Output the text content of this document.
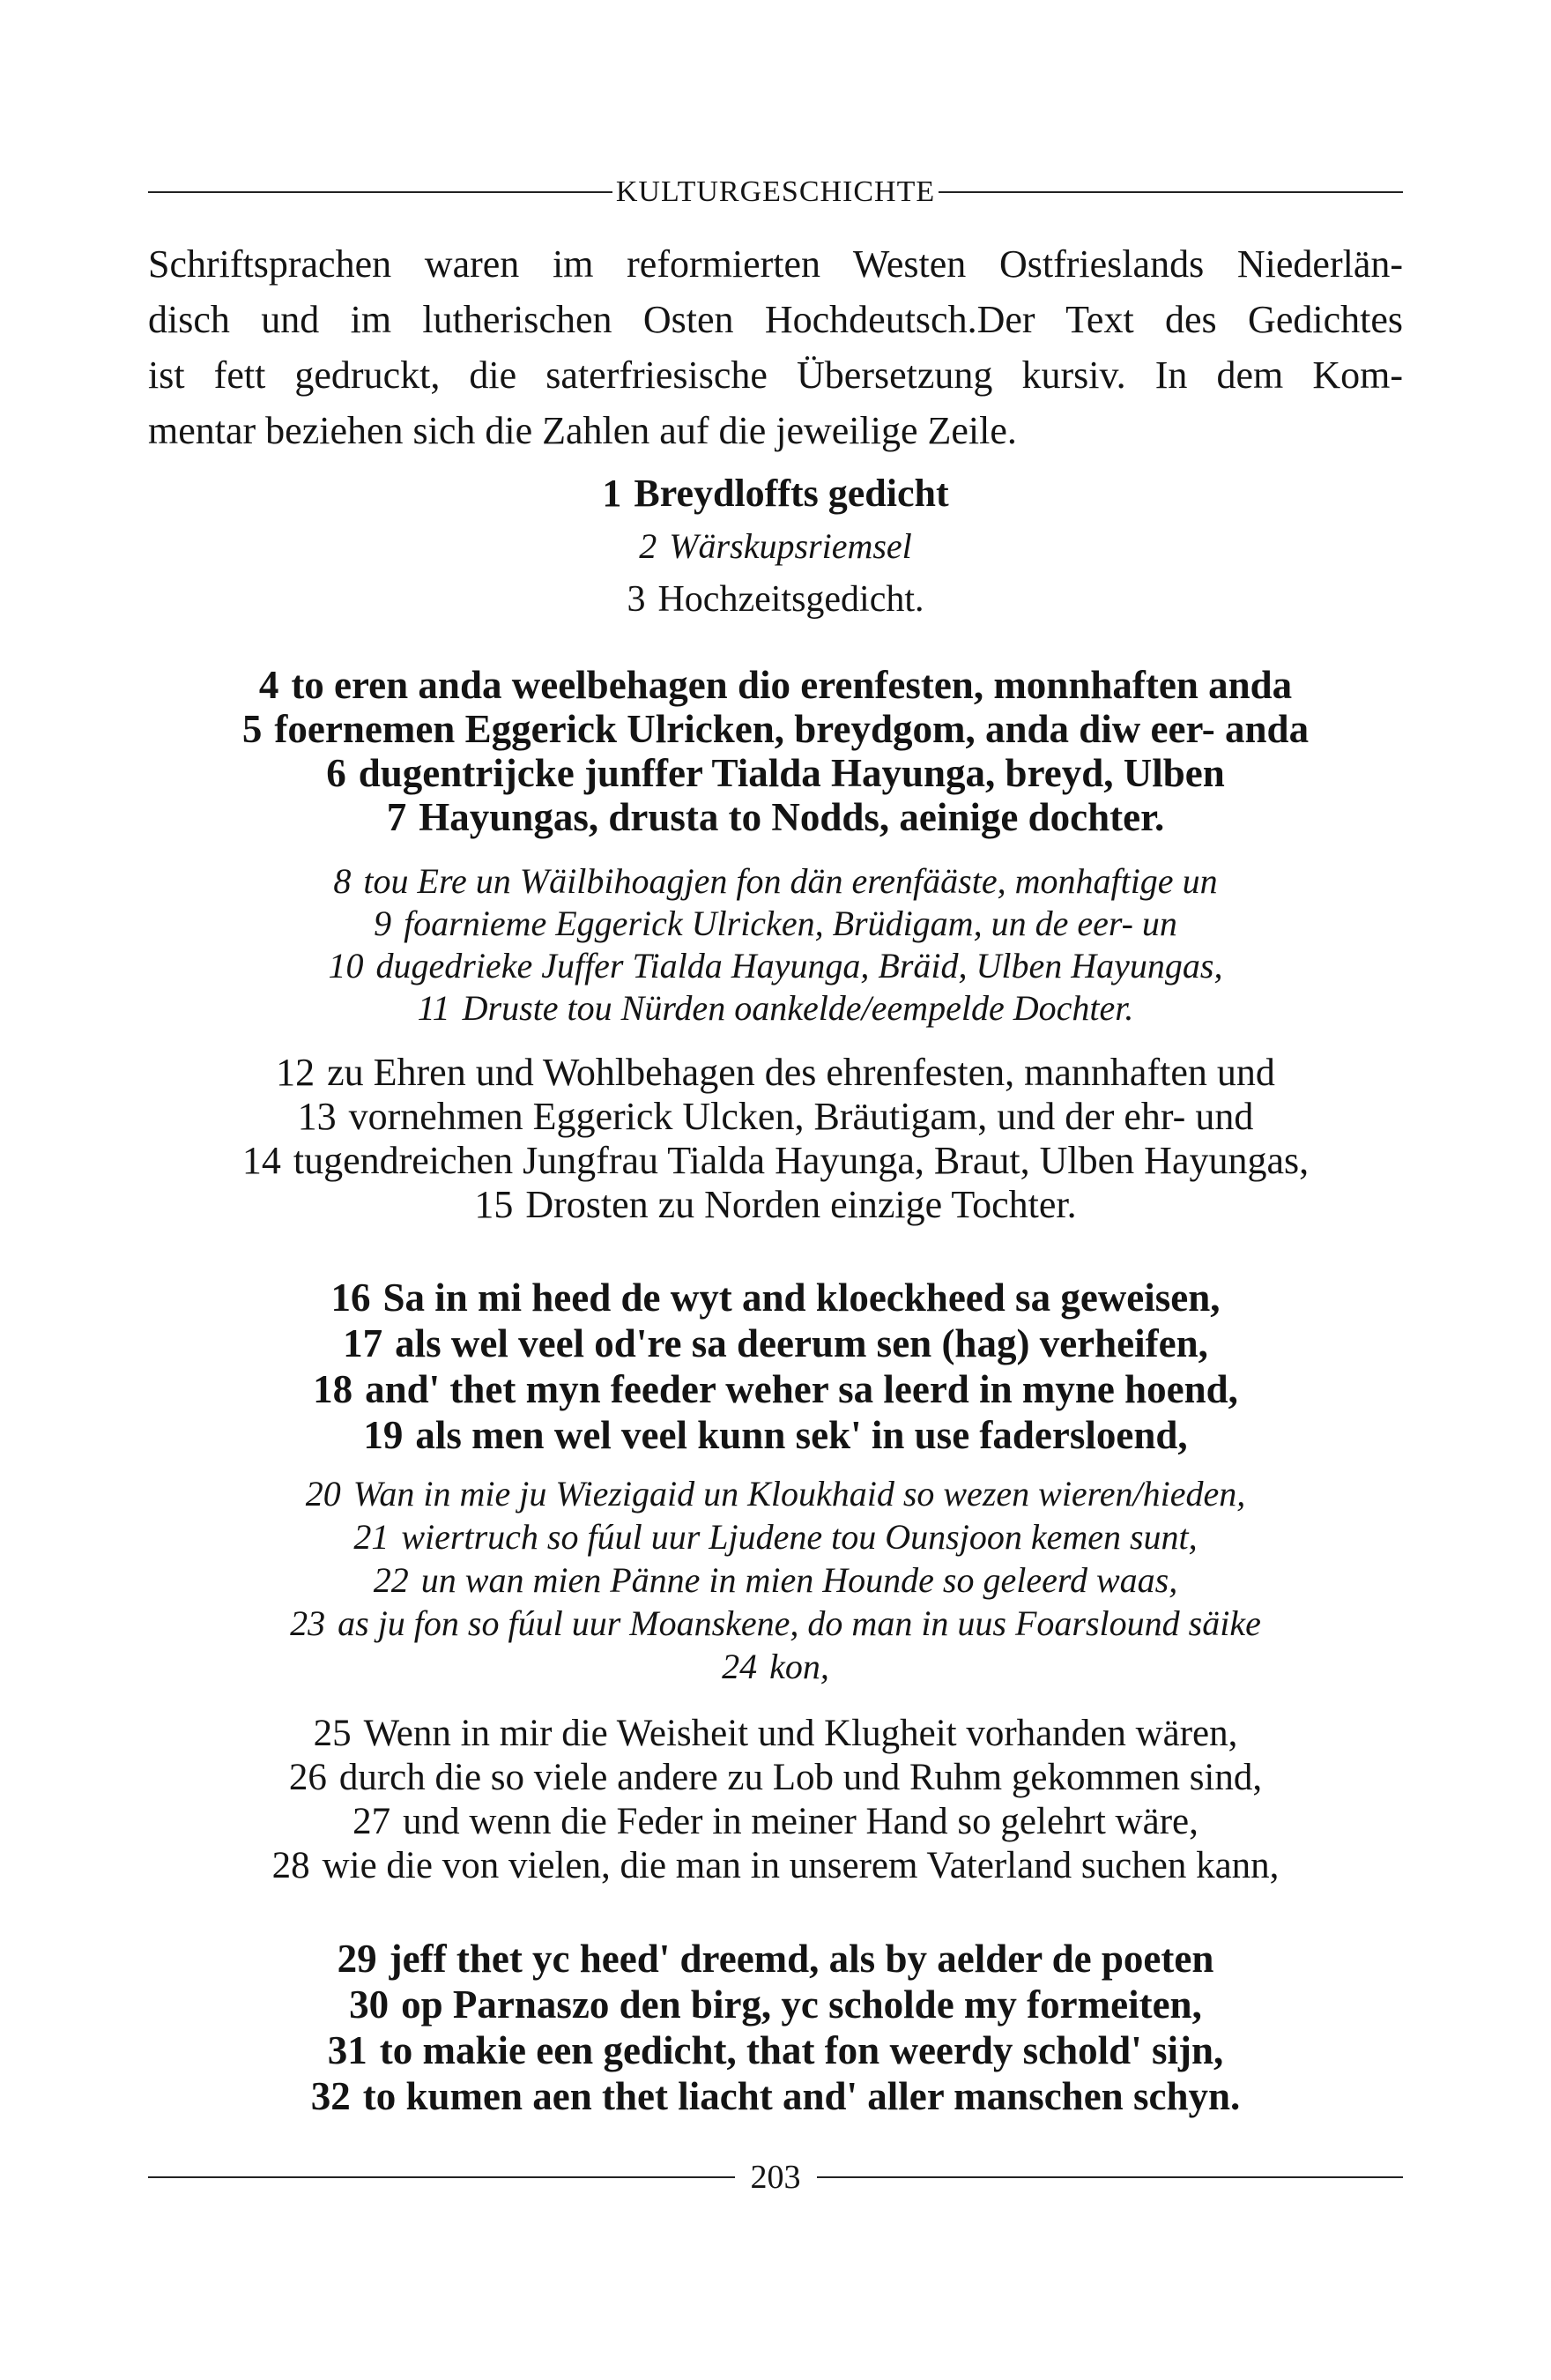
KULTURGESCHICHTE

Schriftsprachen waren im reformierten Westen Ostfrieslands Niederlän-
disch und im lutherischen Osten Hochdeutsch.Der Text des Gedichtes
ist fett gedruckt, die saterfriesische Übersetzung kursiv. In dem Kom-
mentar beziehen sich die Zahlen auf die jeweilige Zeile.

1 Breydloffts gedicht
2 Wärskupsriemsel
3 Hochzeitsgedicht.
4 to eren anda weelbehagen dio erenfesten, monnhaften anda
5 foernemen Eggerick Ulricken, breydgom, anda diw eer- anda
6 dugentrijcke junffer Tialda Hayunga, breyd, Ulben
7 Hayungas, drusta to Nodds, aeinige dochter.
8 tou Ere un Wäilbihoagjen fon dän erenfääste, monhaftige un
9 foarnieme Eggerick Ulricken, Brüdigam, un de eer- un
10 dugedrieke Juffer Tialda Hayunga, Bräid, Ulben Hayungas,
11 Druste tou Nürden oankelde/eempelde Dochter.
12 zu Ehren und Wohlbehagen des ehrenfesten, mannhaften und
13 vornehmen Eggerick Ulcken, Bräutigam, und der ehr- und
14 tugendreichen Jungfrau Tialda Hayunga, Braut, Ulben Hayungas,
15 Drosten zu Norden einzige Tochter.
16 Sa in mi heed de wyt and kloeckheed sa geweisen,
17 als wel veel od're sa deerum sen (hag) verheifen,
18 and' thet myn feeder weher sa leerd in myne hoend,
19 als men wel veel kunn sek' in use fadersloend,
20 Wan in mie ju Wiezigaid un Kloukhaid so wezen wieren/hieden,
21 wiertruch so fúul uur Ljudene tou Ounsjoon kemen sunt,
22 un wan mien Pänne in mien Hounde so geleerd waas,
23 as ju fon so fúul uur Moanskene, do man in uus Foarslound säike
24 kon,
25 Wenn in mir die Weisheit und Klugheit vorhanden wären,
26 durch die so viele andere zu Lob und Ruhm gekommen sind,
27 und wenn die Feder in meiner Hand so gelehrt wäre,
28 wie die von vielen, die man in unserem Vaterland suchen kann,
29 jeff thet yc heed' dreemd, als by aelder de poeten
30 op Parnaszo den birg, yc scholde my formeiten,
31 to makie een gedicht, that fon weerdy schold' sijn,
32 to kumen aen thet liacht and' aller manschen schyn.
203
